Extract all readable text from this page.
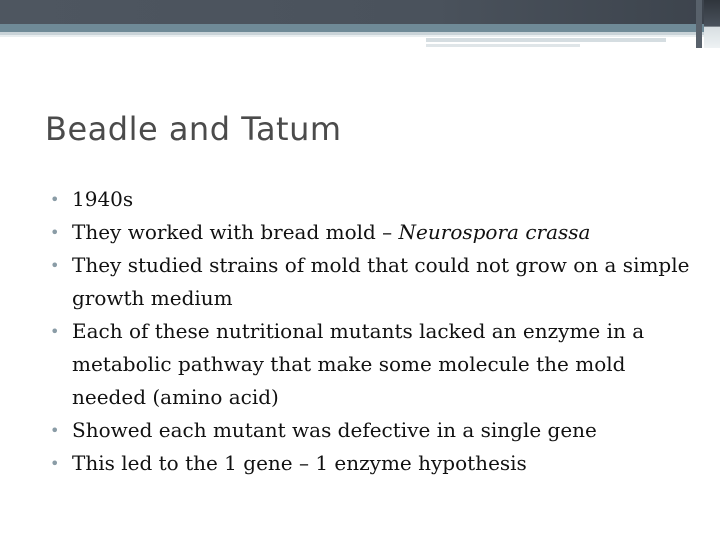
Beadle and Tatum
• 1940s
• They worked with bread mold – Neurospora crassa
• They studied strains of mold that could not grow on a simple growth medium
• Each of these nutritional mutants lacked an enzyme in a metabolic pathway that make some molecule the mold needed (amino acid)
• Showed each mutant was defective in a single gene
• This led to the 1 gene – 1 enzyme hypothesis
